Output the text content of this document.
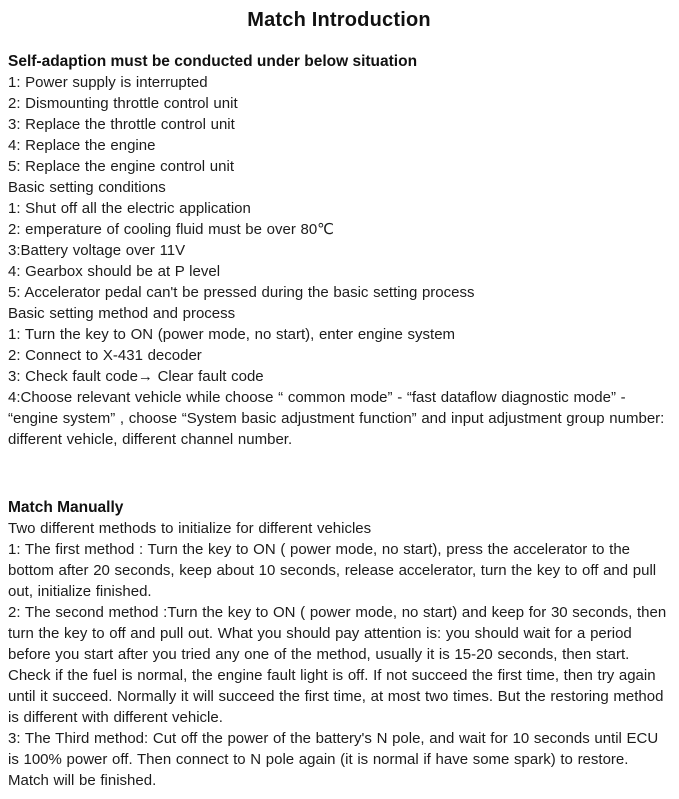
Match Introduction
Self-adaption must be conducted under below situation

1: Power supply is interrupted

2: Dismounting throttle control unit

3: Replace the throttle control unit

4: Replace the engine

5: Replace the engine control unit

Basic setting conditions

1: Shut off all the electric application

2: emperature of cooling fluid must be over 80℃

3:Battery voltage over 11V

4: Gearbox should be at P level

5: Accelerator pedal can't be pressed during the basic setting process

Basic setting method and process

1: Turn the key to ON (power mode, no start), enter engine system

2: Connect to X-431 decoder

3: Check fault code→ Clear fault code

4:Choose relevant vehicle while choose “ common mode” - “fast dataflow diagnostic mode” - “engine system” , choose “System basic adjustment function” and input adjustment group number: different vehicle, different channel number.

Match Manually

Two different methods to initialize for different vehicles

1: The first method : Turn the key to ON ( power mode, no start), press the accelerator to the bottom after 20 seconds, keep about 10 seconds, release accelerator, turn the key to off and pull out, initialize finished.

2: The second method :Turn the key to ON ( power mode, no start) and keep for 30 seconds, then turn the key to off and pull out. What you should pay attention is: you should wait for a period before you start after you tried any one of the method, usually it is 15-20 seconds, then start. Check if the fuel is normal, the engine fault light is off. If not succeed the first time, then try again until it succeed. Normally it will succeed the first time, at most two times. But the restoring method is different with different vehicle.

3: The Third method: Cut off the power of the battery's N pole, and wait for 10 seconds until ECU is 100% power off. Then connect to N pole again (it is normal if have some spark) to restore. Match will be finished.
